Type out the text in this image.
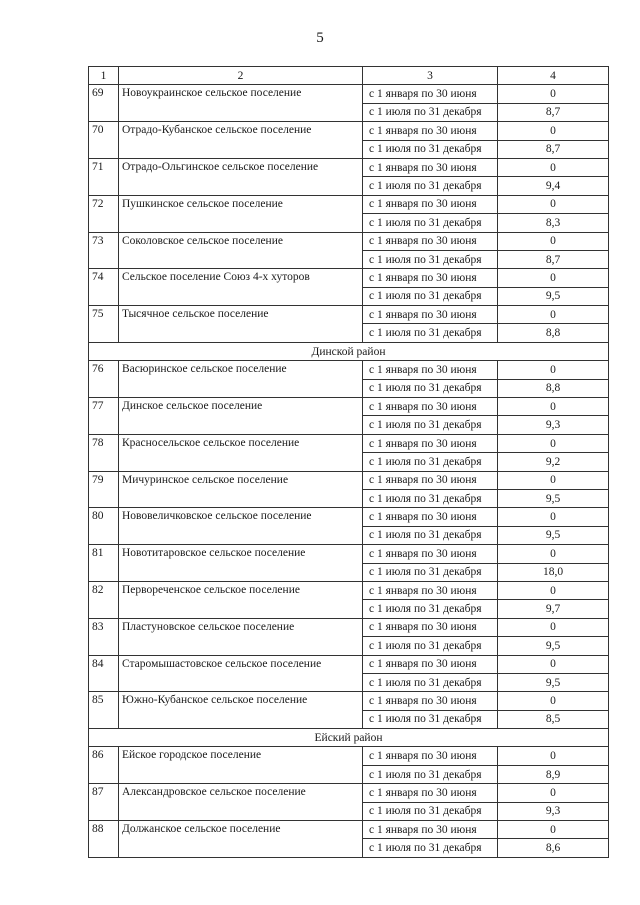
5
1	2	3	4
69	Новоукраинское сельское поселение	с 1 января по 30 июня	0
		с 1 июля по 31 декабря	8,7
70	Отрадо-Кубанское сельское поселение	с 1 января по 30 июня	0
		с 1 июля по 31 декабря	8,7
71	Отрадо-Ольгинское сельское поселение	с 1 января по 30 июня	0
		с 1 июля по 31 декабря	9,4
72	Пушкинское сельское поселение	с 1 января по 30 июня	0
		с 1 июля по 31 декабря	8,3
73	Соколовское сельское поселение	с 1 января по 30 июня	0
		с 1 июля по 31 декабря	8,7
74	Сельское поселение Союз 4-х хуторов	с 1 января по 30 июня	0
		с 1 июля по 31 декабря	9,5
75	Тысячное сельское поселение	с 1 января по 30 июня	0
		с 1 июля по 31 декабря	8,8
Динской район			
76	Васюринское сельское поселение	с 1 января по 30 июня	0
		с 1 июля по 31 декабря	8,8
77	Динское сельское поселение	с 1 января по 30 июня	0
		с 1 июля по 31 декабря	9,3
78	Красносельское сельское поселение	с 1 января по 30 июня	0
		с 1 июля по 31 декабря	9,2
79	Мичуринское сельское поселение	с 1 января по 30 июня	0
		с 1 июля по 31 декабря	9,5
80	Нововеличковское сельское поселение	с 1 января по 30 июня	0
		с 1 июля по 31 декабря	9,5
81	Новотитаровское сельское поселение	с 1 января по 30 июня	0
		с 1 июля по 31 декабря	18,0
82	Первореченское сельское поселение	с 1 января по 30 июня	0
		с 1 июля по 31 декабря	9,7
83	Пластуновское сельское поселение	с 1 января по 30 июня	0
		с 1 июля по 31 декабря	9,5
84	Старомышастовское сельское поселение	с 1 января по 30 июня	0
		с 1 июля по 31 декабря	9,5
85	Южно-Кубанское сельское поселение	с 1 января по 30 июня	0
		с 1 июля по 31 декабря	8,5
Ейский район			
86	Ейское городское поселение	с 1 января по 30 июня	0
		с 1 июля по 31 декабря	8,9
87	Александровское сельское поселение	с 1 января по 30 июня	0
		с 1 июля по 31 декабря	9,3
88	Должанское сельское поселение	с 1 января по 30 июня	0
		с 1 июля по 31 декабря	8,6
